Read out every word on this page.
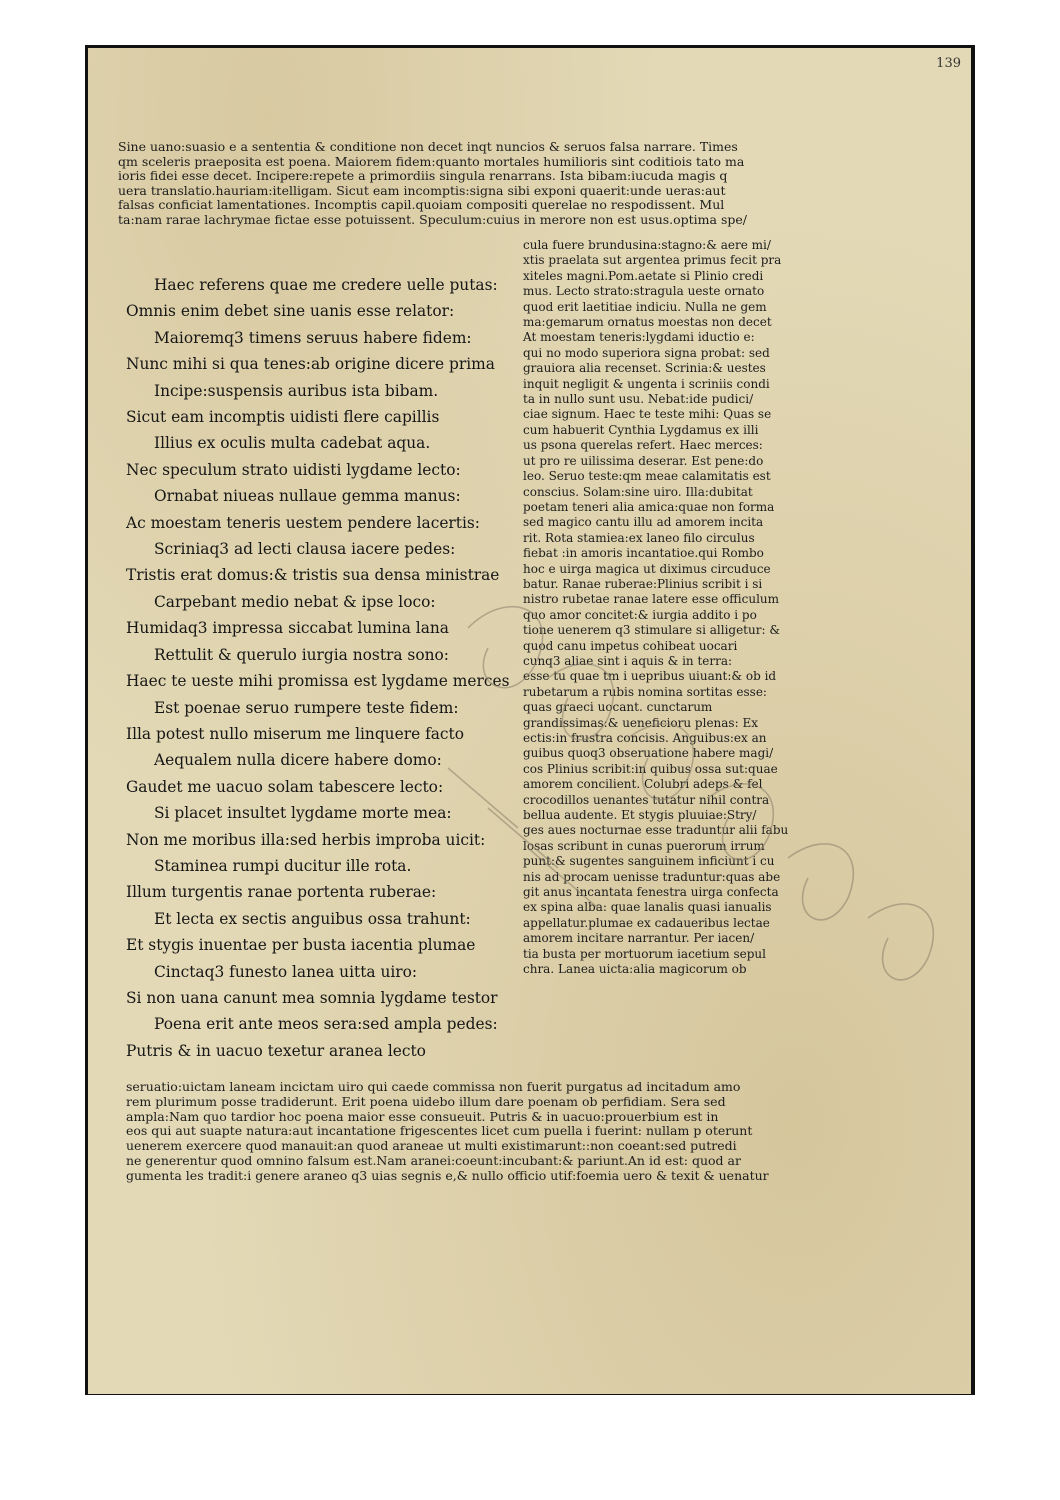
139

Sine uano:suasio e a sententia & conditione non decet inqt nuncios & seruos falsa narrare. Times

qm sceleris praeposita est poena. Maiorem fidem:quanto mortales humilioris sint coditiois tato ma

ioris fidei esse decet. Incipere:repete a primordiis singula renarrans. Ista bibam:iucuda magis q

uera translatio.hauriam:itelligam. Sicut eam incomptis:signa sibi exponi quaerit:unde ueras:aut

falsas conficiat lamentationes. Incomptis capil.quoiam compositi querelae no respodissent. Mul

ta:nam rarae lachrymae fictae esse potuissent. Speculum:cuius in merore non est usus.optima spe/

Haec referens quae me credere uelle putas:
Omnis enim debet sine uanis esse relator:
Maioremq3 timens seruus habere fidem:
Nunc mihi si qua tenes:ab origine dicere prima
Incipe:suspensis auribus ista bibam.
Sicut eam incomptis uidisti flere capillis
Illius ex oculis multa cadebat aqua.
Nec speculum strato uidisti lygdame lecto:
Ornabat niueas nullaue gemma manus:
Ac moestam teneris uestem pendere lacertis:
Scriniaq3 ad lecti clausa iacere pedes:
Tristis erat domus:& tristis sua densa ministrae
Carpebant medio nebat & ipse loco:
Humidaq3 impressa siccabat lumina lana
Rettulit & querulo iurgia nostra sono:
Haec te ueste mihi promissa est lygdame merces
Est poenae seruo rumpere teste fidem:
Illa potest nullo miserum me linquere facto
Aequalem nulla dicere habere domo:
Gaudet me uacuo solam tabescere lecto:
Si placet insultet lygdame morte mea:
Non me moribus illa:sed herbis improba uicit:
Staminea rumpi ducitur ille rota.
Illum turgentis ranae portenta ruberae:
Et lecta ex sectis anguibus ossa trahunt:
Et stygis inuentae per busta iacentia plumae
Cinctaq3 funesto lanea uitta uiro:
Si non uana canunt mea somnia lygdame testor
Poena erit ante meos sera:sed ampla pedes:
Putris & in uacuo texetur aranea lecto

cula fuere brundusina:stagno:& aere mi/

xtis praelata sut argentea primus fecit pra

xiteles magni.Pom.aetate si Plinio credi

mus. Lecto strato:stragula ueste ornato

quod erit laetitiae indiciu. Nulla ne gem

ma:gemarum ornatus moestas non decet

At moestam teneris:lygdami iductio e:

qui no modo superiora signa probat: sed

grauiora alia recenset. Scrinia:& uestes

inquit negligit & ungenta i scriniis condi

ta in nullo sunt usu. Nebat:ide pudici/

ciae signum. Haec te teste mihi: Quas se

cum habuerit Cynthia Lygdamus ex illi

us psona querelas refert. Haec merces:

ut pro re uilissima deserar. Est pene:do

leo. Seruo teste:qm meae calamitatis est

conscius. Solam:sine uiro. Illa:dubitat

poetam teneri alia amica:quae non forma

sed magico cantu illu ad amorem incita

rit. Rota stamiea:ex laneo filo circulus

fiebat :in amoris incantatioe.qui Rombo

hoc e uirga magica ut diximus circuduce

batur. Ranae ruberae:Plinius scribit i si

nistro rubetae ranae latere esse officulum

quo amor concitet:& iurgia addito i po

tione uenerem q3 stimulare si alligetur: &

quod canu impetus cohibeat uocari

cunq3 aliae sint i aquis & in terra:

esse tu quae tm i uepribus uiuant:& ob id

rubetarum a rubis nomina sortitas esse:

quas graeci uocant. cunctarum

grandissimas:& ueneficioru plenas: Ex

ectis:in frustra concisis. Anguibus:ex an

guibus quoq3 obseruatione habere magi/

cos Plinius scribit:in quibus ossa sut:quae

amorem concilient. Colubri adeps & fel

crocodillos uenantes tutatur nihil contra

bellua audente. Et stygis pluuiae:Stry/

ges aues nocturnae esse traduntur alii fabu

losas scribunt in cunas puerorum irrum

punt:& sugentes sanguinem inficiunt i cu

nis ad procam uenisse traduntur:quas abe

git anus incantata fenestra uirga confecta

ex spina alba: quae lanalis quasi ianualis

appellatur.plumae ex cadaueribus lectae

amorem incitare narrantur. Per iacen/

tia busta per mortuorum iacetium sepul

chra. Lanea uicta:alia magicorum ob

seruatio:uictam laneam incictam uiro qui caede commissa non fuerit purgatus ad incitadum amo

rem plurimum posse tradiderunt. Erit poena uidebo illum dare poenam ob perfidiam. Sera sed

ampla:Nam quo tardior hoc poena maior esse consueuit. Putris & in uacuo:prouerbium est in

eos qui aut suapte natura:aut incantatione frigescentes licet cum puella i fuerint: nullam p oterunt

uenerem exercere quod manauit:an quod araneae ut multi existimarunt::non coeant:sed putredi

ne generentur quod omnino falsum est.Nam aranei:coeunt:incubant:& pariunt.An id est: quod ar

gumenta les tradit:i genere araneo q3 uias segnis e,& nullo officio utif:foemia uero & texit & uenatur
